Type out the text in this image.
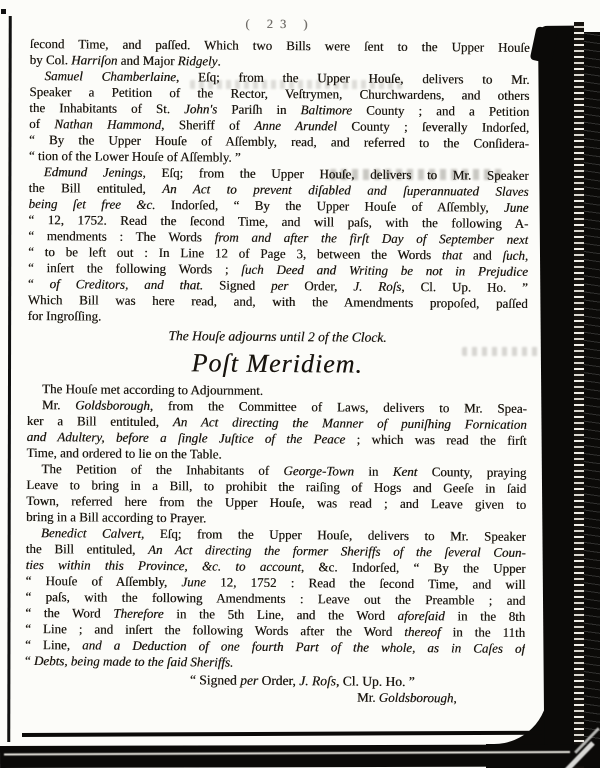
( 23 )
ſecond Time, and paſſed. Which two Bills were ſent to the Upper Houſe
by Col. Harriſon and Major Ridgely.
Samuel Chamberlaine, Eſq; from the Upper Houſe, delivers to Mr.
Speaker a Petition of the Rector, Veſtrymen, Churchwardens, and others
the Inhabitants of St. John's Pariſh in Baltimore County ; and a Petition
of Nathan Hammond, Sheriff of Anne Arundel County ; ſeverally Indorſed,
“ By the Upper Houſe of Aſſembly, read, and referred to the Conſidera-
“ tion of the Lower Houſe of Aſſembly. ”
Edmund Jenings, Eſq; from the Upper Houſe, delivers to Mr. Speaker
the Bill entituled, An Act to prevent diſabled and ſuperannuated Slaves
being ſet free &c. Indorſed, “ By the Upper Houſe of Aſſembly, June
“ 12, 1752. Read the ſecond Time, and will paſs, with the following A-
“ mendments : The Words from and after the firſt Day of September next
“ to be left out : In Line 12 of Page 3, between the Words that and ſuch,
“ inſert the following Words ; ſuch Deed and Writing be not in Prejudice
“ of Creditors, and that. Signed per Order, J. Roſs, Cl. Up. Ho. ”
Which Bill was here read, and, with the Amendments propoſed, paſſed
for Ingroſſing.
The Houſe adjourns until 2 of the Clock.
Poſt Meridiem.
The Houſe met according to Adjournment.
Mr. Goldsborough, from the Committee of Laws, delivers to Mr. Spea-
ker a Bill entituled, An Act directing the Manner of puniſhing Fornication
and Adultery, before a ſingle Juſtice of the Peace ; which was read the firſt
Time, and ordered to lie on the Table.
The Petition of the Inhabitants of George-Town in Kent County, praying
Leave to bring in a Bill, to prohibit the raiſing of Hogs and Geeſe in ſaid
Town, referred here from the Upper Houſe, was read ; and Leave given to
bring in a Bill according to Prayer.
Benedict Calvert, Eſq; from the Upper Houſe, delivers to Mr. Speaker
the Bill entituled, An Act directing the former Sheriffs of the ſeveral Coun-
ties within this Province, &c. to account, &c. Indorſed, “ By the Upper
“ Houſe of Aſſembly, June 12, 1752 : Read the ſecond Time, and will
“ paſs, with the following Amendments : Leave out the Preamble ; and
“ the Word Therefore in the 5th Line, and the Word aforeſaid in the 8th
“ Line ; and inſert the following Words after the Word thereof in the 11th
“ Line, and a Deduction of one fourth Part of the whole, as in Caſes of
“ Debts, being made to the ſaid Sheriffs.
“ Signed per Order, J. Roſs, Cl. Up. Ho. ”
Mr. Goldsborough,
